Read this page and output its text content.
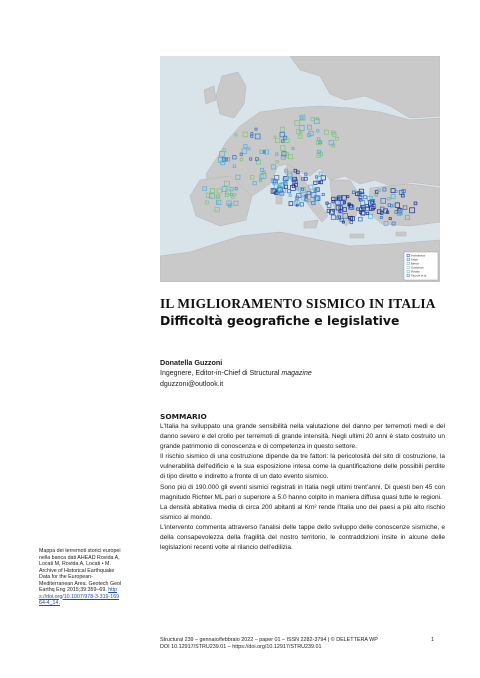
Ambraseys
Aslan
Berton
Guidoboni
Rovida
Stucchi et al.
IL MIGLIORAMENTO SISMICO IN ITALIA
Difficoltà geografiche e legislative
Donatella Guzzoni
Ingegnere, Editor-in-Chief di Structural magazine
dguzzoni@outlook.it
SOMMARIO

L'Italia ha sviluppato una grande sensibilità nella valutazione del danno per terremoti medi e del danno severo e del crollo per terremoti di grande intensità. Negli ultimi 20 anni è stato costruito un grande patrimonio di conoscenza e di competenza in questo settore.

Il rischio sismico di una costruzione dipende da tre fattori: la pericolosità del sito di costruzione, la vulnerabilità dell'edificio e la sua esposizione intesa come la quantificazione delle possibili perdite di tipo diretto e indiretto a fronte di un dato evento sismico.

Sono più di 190.000 gli eventi sismici registrati in Italia negli ultimi trent'anni. Di questi ben 45 con magnitudo Richter ML pari o superiore a 5.0 hanno colpito in maniera diffusa quasi tutte le regioni.

La densità abitativa media di circa 200 abitanti al Km² rende l'Italia uno dei paesi a più alto rischio sismico al mondo.

L'intervento commenta attraverso l'analisi delle tappe dello sviluppo delle conoscenze sismiche, e della consapevolezza della fragilità del nostro territorio, le contraddizioni insite in alcune delle legislazioni recenti volte al rilancio dell'edilizia.

Mappa dei terremoti storici europei nella banca dati AHEAD Rovida A, Locati M, Rovida A, Locati • M. Archive of Historical Earthquake Data for the European-Mediterranean Area. Geotech Geol Earthq Eng 2015;39:359–69. https://doi.org/10.1007/978-3-319-16964-4_14.
Structural 239 – gennaio/febbraio 2022 – paper 01 – ISSN 2282-3794 | © DELETTERA WP
DOI 10.12917/STRU239.01 – https://doi.org/10.12917/STRU239.01
1
